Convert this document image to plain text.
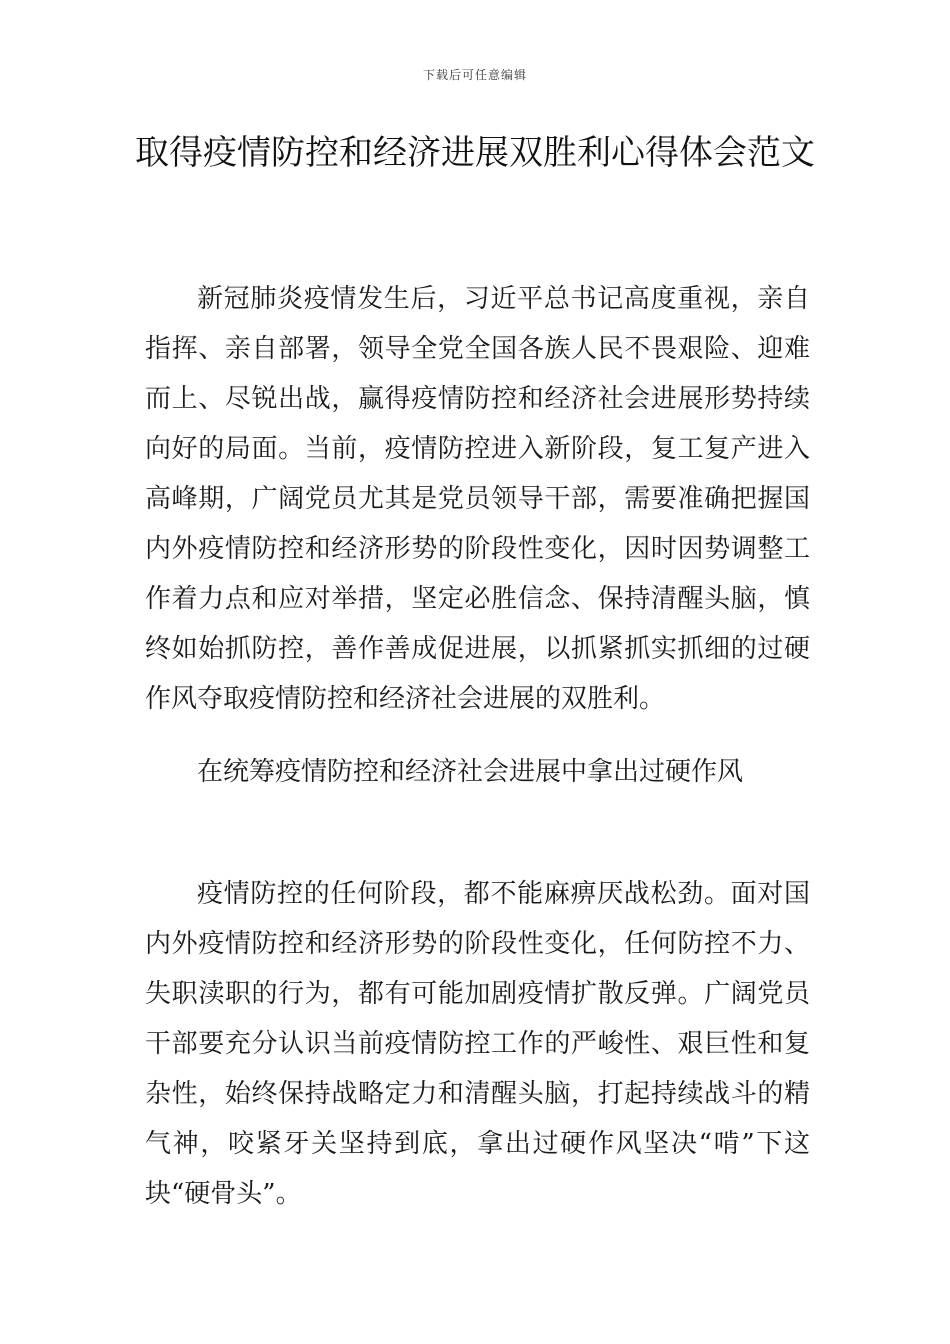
下载后可任意编辑
取得疫情防控和经济进展双胜利心得体会范文

新冠肺炎疫情发生后，习近平总书记高度重视，亲自指挥、亲自部署，领导全党全国各族人民不畏艰险、迎难而上、尽锐出战，赢得疫情防控和经济社会进展形势持续向好的局面。当前，疫情防控进入新阶段，复工复产进入高峰期，广阔党员尤其是党员领导干部，需要准确把握国内外疫情防控和经济形势的阶段性变化，因时因势调整工作着力点和应对举措，坚定必胜信念、保持清醒头脑，慎终如始抓防控，善作善成促进展，以抓紧抓实抓细的过硬作风夺取疫情防控和经济社会进展的双胜利。

在统筹疫情防控和经济社会进展中拿出过硬作风

疫情防控的任何阶段，都不能麻痹厌战松劲。面对国内外疫情防控和经济形势的阶段性变化，任何防控不力、失职渎职的行为，都有可能加剧疫情扩散反弹。广阔党员干部要充分认识当前疫情防控工作的严峻性、艰巨性和复杂性，始终保持战略定力和清醒头脑，打起持续战斗的精气神，咬紧牙关坚持到底，拿出过硬作风坚决“啃”下这块“硬骨头”。
